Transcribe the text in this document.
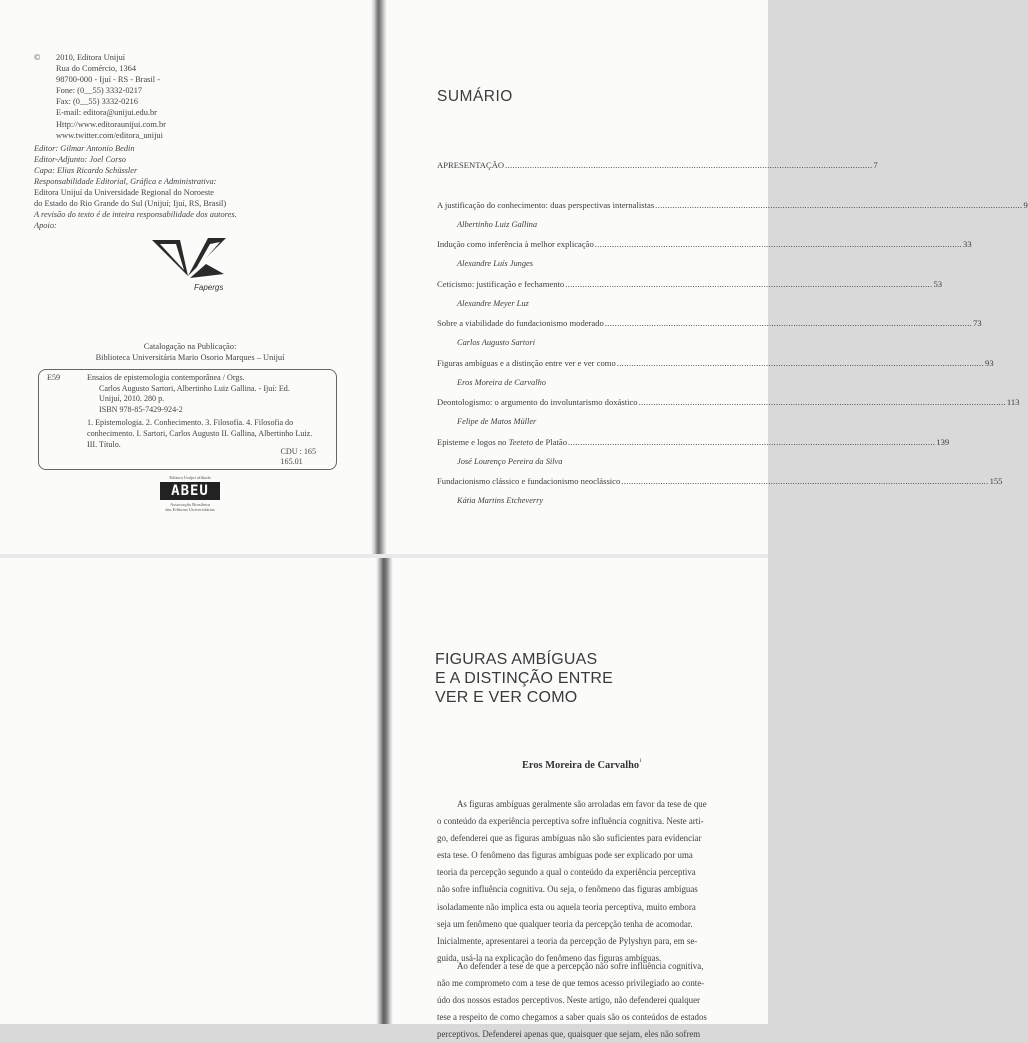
© 2010, Editora Unijuí
Rua do Comércio, 1364
98700-000 - Ijuí - RS - Brasil -
Fone: (0__55) 3332-0217
Fax: (0__55) 3332-0216
E-mail: editora@unijui.edu.br
Http://www.editoraunijui.com.br
www.twitter.com/editora_unijui
Editor: Gilmar Antonio Bedin
Editor-Adjunto: Joel Corso
Capa: Elias Ricardo Schüssler
Responsabilidade Editorial, Gráfica e Administrativa:
Editora Unijuí da Universidade Regional do Noroeste
do Estado do Rio Grande do Sul (Unijuí; Ijuí, RS, Brasil)
A revisão do texto é de inteira responsabilidade dos autores.
Apoio:
Fapergs
Catalogação na Publicação:
Biblioteca Universitária Mario Osorio Marques – Unijuí
E59	Ensaios de epistemologia contemporânea / Orgs.
Carlos Augusto Sartori, Albertinho Luiz Gallina. - Ijuí: Ed.
Unijuí, 2010. 280 p.
ISBN 978-85-7429-924-2
1. Epistemologia. 2. Conhecimento. 3. Filosofia. 4. Filosofia do
conhecimento. I. Sartori, Carlos Augusto II. Gallina, Albertinho Luiz.
III. Título.
CDU : 165
165.01
Editora Unijuí afiliada
ABEU
Associação Brasileira
das Editoras Universitárias
SUMÁRIO
APRESENTAÇÃO .....	7
A justificação do conhecimento: duas perspectivas internalistas .....	9
Albertinho Luiz Gallina
Indução como inferência à melhor explicação .....	33
Alexandre Luís Junges
Ceticismo: justificação e fechamento .....	53
Alexandre Meyer Luz
Sobre a viabilidade do fundacionismo moderado .....	73
Carlos Augusto Sartori
Figuras ambíguas e a distinção entre ver e ver como .....	93
Eros Moreira de Carvalho
Deontologismo: o argumento do involuntarismo doxástico .....	113
Felipe de Matos Müller
Episteme e logos no Teeteto de Platão .....	139
José Lourenço Pereira da Silva
Fundacionismo clássico e fundacionismo neoclássico .....	155
Kátia Martins Etcheverry
FIGURAS AMBÍGUAS
E A DISTINÇÃO ENTRE
VER E VER COMO
Eros Moreira de Carvalho$^1$
As figuras ambíguas geralmente são arroladas em favor da tese de que
o conteúdo da experiência perceptiva sofre influência cognitiva. Neste arti-
go, defenderei que as figuras ambíguas não são suficientes para evidenciar
esta tese. O fenômeno das figuras ambíguas pode ser explicado por uma
teoria da percepção segundo a qual o conteúdo da experiência perceptiva
não sofre influência cognitiva. Ou seja, o fenômeno das figuras ambíguas
isoladamente não implica esta ou aquela teoria perceptiva, muito embora
seja um fenômeno que qualquer teoria da percepção tenha de acomodar.
Inicialmente, apresentarei a teoria da percepção de Pylyshyn para, em se-
guida, usá-la na explicação do fenômeno das figuras ambíguas.
Ao defender a tese de que a percepção não sofre influência cognitiva,
não me comprometo com a tese de que temos acesso privilegiado ao conte-
údo dos nossos estados perceptivos. Neste artigo, não defenderei qualquer
tese a respeito de como chegamos a saber quais são os conteúdos de estados
perceptivos. Defenderei apenas que, quaisquer que sejam, eles não sofrem
